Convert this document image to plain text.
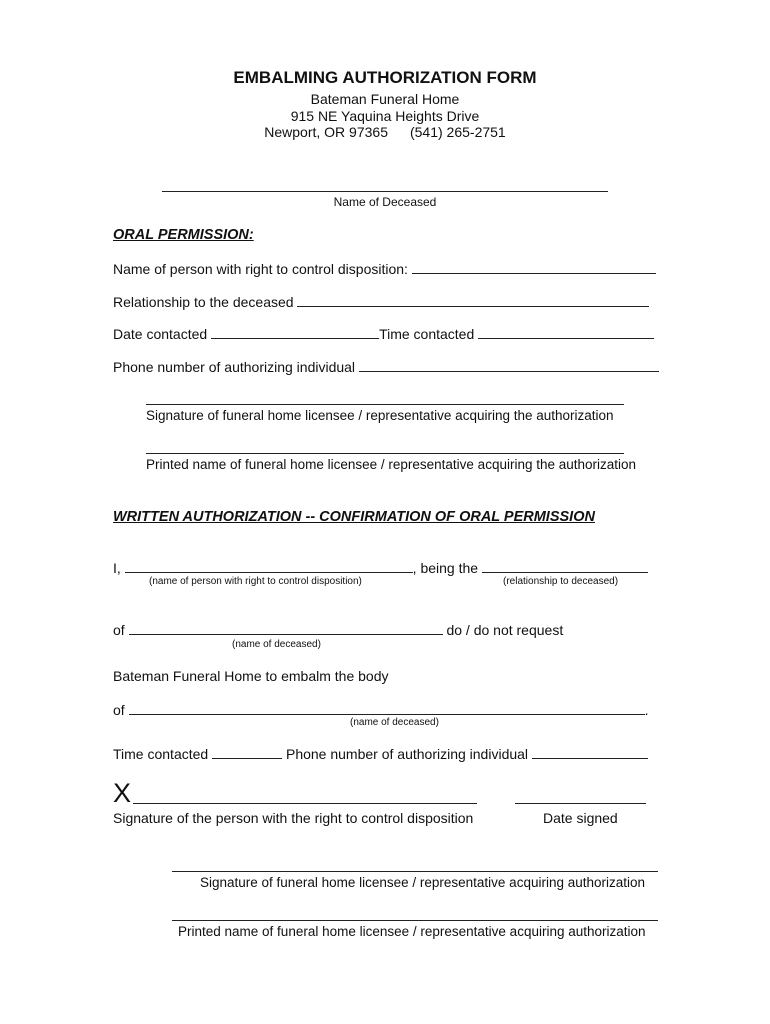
EMBALMING AUTHORIZATION FORM
Bateman Funeral Home
915 NE Yaquina Heights Drive
Newport, OR 97365 (541) 265-2751
Name of Deceased
ORAL PERMISSION:
Name of person with right to control disposition:
Relationship to the deceased
Date contacted	Time contacted
Phone number of authorizing individual
Signature of funeral home licensee / representative acquiring the authorization
Printed name of funeral home licensee / representative acquiring the authorization
WRITTEN AUTHORIZATION -- CONFIRMATION OF ORAL PERMISSION
I,	, being the
(name of person with right to control disposition)	(relationship to deceased)
of	do / do not request
(name of deceased)
Bateman Funeral Home to embalm the body
of	.
(name of deceased)
Time contacted	Phone number of authorizing individual
X
Signature of the person with the right to control disposition	Date signed
Signature of funeral home licensee / representative acquiring authorization
Printed name of funeral home licensee / representative acquiring authorization
